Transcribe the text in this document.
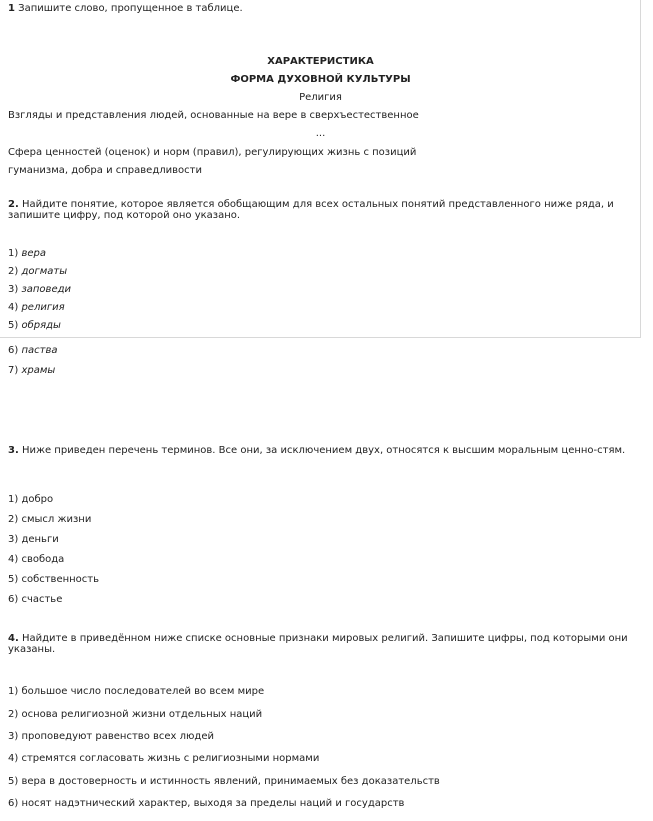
1 Запишите слово, пропущенное в таблице.
ХАРАКТЕРИСТИКА
ФОРМА ДУХОВНОЙ КУЛЬТУРЫ
Религия
Взгляды и представления людей, основанные на вере в сверхъестественное
...
Сфера ценностей (оценок) и норм (правил), регулирующих жизнь с позиций
гуманизма, добра и справедливости
2. Найдите понятие, которое является обобщающим для всех остальных понятий представленного ниже ряда, и запишите цифру, под которой оно указано.
1) вера
2) догматы
3) заповеди
4) религия
5) обряды
6) паства
7) храмы
3. Ниже приведен перечень терминов. Все они, за исключением двух, относятся к высшим моральным ценно-стям.
1) добро
2) смысл жизни
3) деньги
4) свобода
5) собственность
6) счастье
4. Найдите в приведённом ниже списке основные признаки мировых религий. Запишите цифры, под которыми они указаны.
1) большое число последователей во всем мире
2) основа религиозной жизни отдельных наций
3) проповедуют равенство всех людей
4) стремятся согласовать жизнь с религиозными нормами
5) вера в достоверность и истинность явлений, принимаемых без доказательств
6) носят надэтнический характер, выходя за пределы наций и государств
